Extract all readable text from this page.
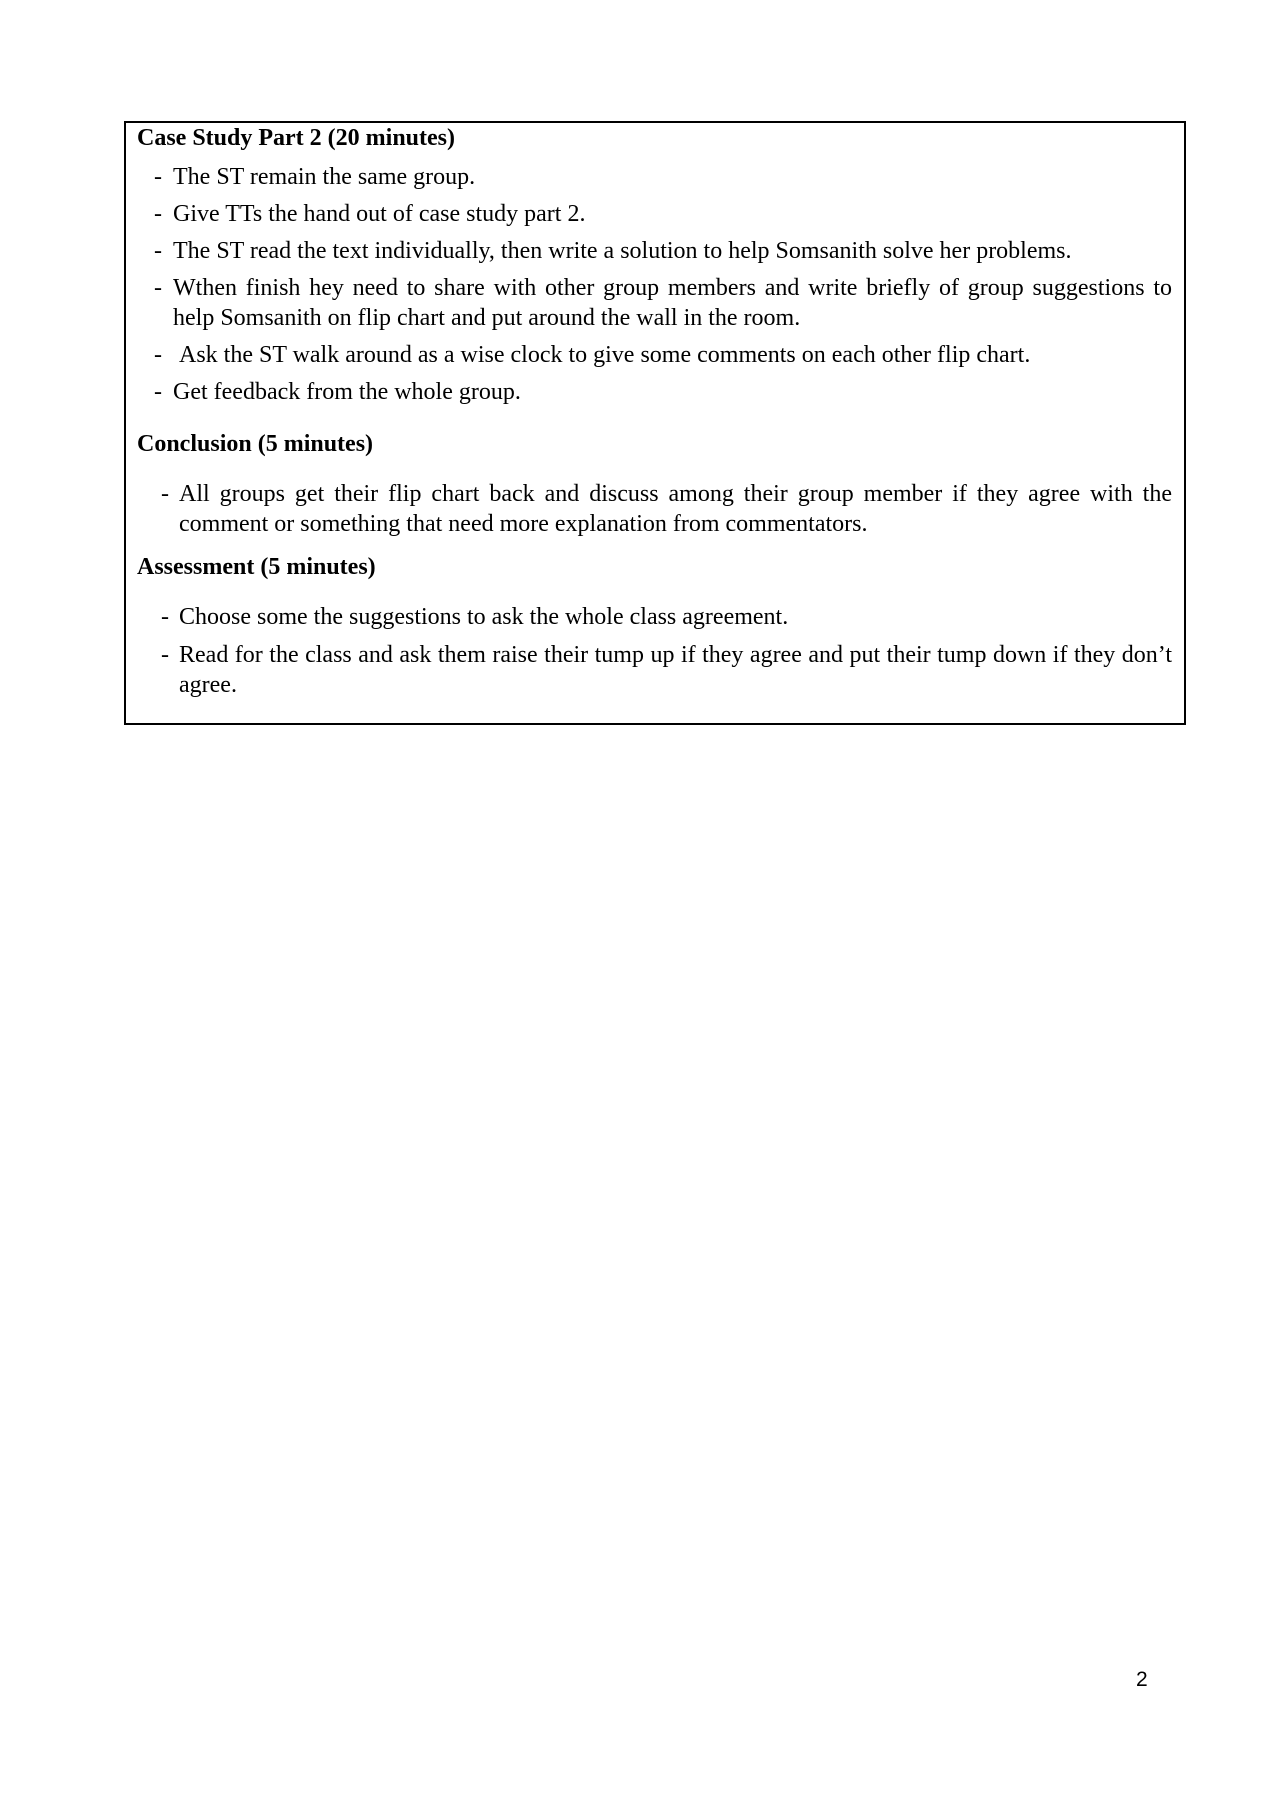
Case Study Part 2 (20 minutes)
- The ST remain the same group.
- Give TTs the hand out of case study part 2.
- The ST read the text individually, then write a solution to help Somsanith solve her problems.
- Wthen finish hey need to share with other group members and write briefly of group suggestions to help Somsanith on flip chart and put around the wall in the room.
- Ask the ST walk around as a wise clock to give some comments on each other flip chart.
- Get feedback from the whole group.
Conclusion (5 minutes)
- All groups get their flip chart back and discuss among their group member if they agree with the comment or something that need more explanation from commentators.
Assessment (5 minutes)
- Choose some the suggestions to ask the whole class agreement.
- Read for the class and ask them raise their tump up if they agree and put their tump down if they don’t agree.
2
